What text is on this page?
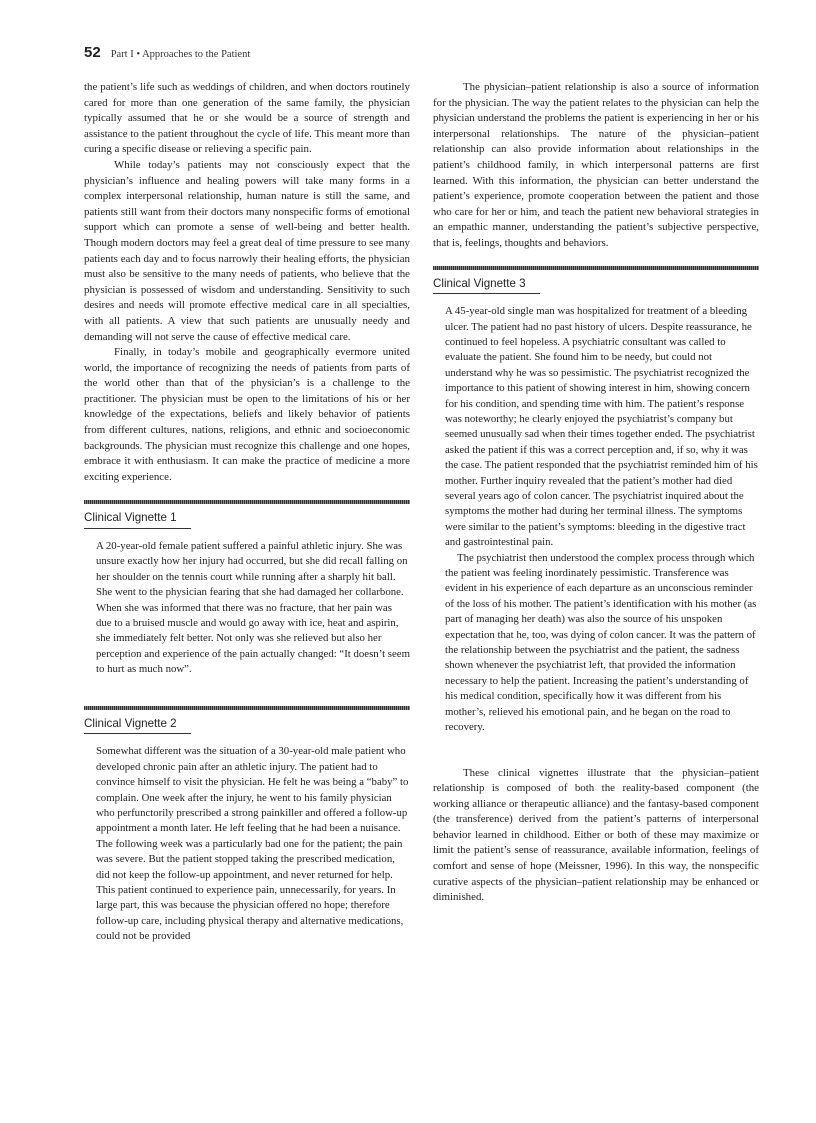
52 Part I • Approaches to the Patient

the patient’s life such as weddings of children, and when doctors routinely cared for more than one generation of the same family, the physician typically assumed that he or she would be a source of strength and assistance to the patient throughout the cycle of life. This meant more than curing a specific disease or relieving a specific pain.

While today’s patients may not consciously expect that the physician’s influence and healing powers will take many forms in a complex interpersonal relationship, human nature is still the same, and patients still want from their doctors many nonspecific forms of emotional support which can promote a sense of well-being and better health. Though modern doctors may feel a great deal of time pressure to see many patients each day and to focus narrowly their healing efforts, the physician must also be sensitive to the many needs of patients, who believe that the physician is possessed of wisdom and understanding. Sensitivity to such desires and needs will promote effective medical care in all specialties, with all patients. A view that such patients are unusually needy and demanding will not serve the cause of effective medical care.

Finally, in today’s mobile and geographically evermore united world, the importance of recognizing the needs of patients from parts of the world other than that of the physician’s is a challenge to the practitioner. The physician must be open to the limitations of his or her knowledge of the expectations, beliefs and likely behavior of patients from different cultures, nations, religions, and ethnic and socioeconomic backgrounds. The physician must recognize this challenge and one hopes, embrace it with enthusiasm. It can make the practice of medicine a more exciting experience.

Clinical Vignette 1

A 20-year-old female patient suffered a painful athletic injury. She was unsure exactly how her injury had occurred, but she did recall falling on her shoulder on the tennis court while running after a sharply hit ball. She went to the physician fearing that she had damaged her collarbone. When she was informed that there was no fracture, that her pain was due to a bruised muscle and would go away with ice, heat and aspirin, she immediately felt better. Not only was she relieved but also her perception and experience of the pain actually changed: “It doesn’t seem to hurt as much now”.

Clinical Vignette 2

Somewhat different was the situation of a 30-year-old male patient who developed chronic pain after an athletic injury. The patient had to convince himself to visit the physician. He felt he was being a “baby” to complain. One week after the injury, he went to his family physician who perfunctorily prescribed a strong painkiller and offered a follow-up appointment a month later. He left feeling that he had been a nuisance. The following week was a particularly bad one for the patient; the pain was severe. But the patient stopped taking the prescribed medication, did not keep the follow-up appointment, and never returned for help. This patient continued to experience pain, unnecessarily, for years. In large part, this was because the physician offered no hope; therefore follow-up care, including physical therapy and alternative medications, could not be provided

The physician–patient relationship is also a source of information for the physician. The way the patient relates to the physician can help the physician understand the problems the patient is experiencing in her or his interpersonal relationships. The nature of the physician–patient relationship can also provide information about relationships in the patient’s childhood family, in which interpersonal patterns are first learned. With this information, the physician can better understand the patient’s experience, promote cooperation between the patient and those who care for her or him, and teach the patient new behavioral strategies in an empathic manner, understanding the patient’s subjective perspective, that is, feelings, thoughts and behaviors.

Clinical Vignette 3

A 45-year-old single man was hospitalized for treatment of a bleeding ulcer. The patient had no past history of ulcers. Despite reassurance, he continued to feel hopeless. A psychiatric consultant was called to evaluate the patient. She found him to be needy, but could not understand why he was so pessimistic. The psychiatrist recognized the importance to this patient of showing interest in him, showing concern for his condition, and spending time with him. The patient’s response was noteworthy; he clearly enjoyed the psychiatrist’s company but seemed unusually sad when their times together ended. The psychiatrist asked the patient if this was a correct perception and, if so, why it was the case. The patient responded that the psychiatrist reminded him of his mother. Further inquiry revealed that the patient’s mother had died several years ago of colon cancer. The psychiatrist inquired about the symptoms the mother had during her terminal illness. The symptoms were similar to the patient’s symptoms: bleeding in the digestive tract and gastrointestinal pain.

The psychiatrist then understood the complex process through which the patient was feeling inordinately pessimistic. Transference was evident in his experience of each departure as an unconscious reminder of the loss of his mother. The patient’s identification with his mother (as part of managing her death) was also the source of his unspoken expectation that he, too, was dying of colon cancer. It was the pattern of the relationship between the psychiatrist and the patient, the sadness shown whenever the psychiatrist left, that provided the information necessary to help the patient. Increasing the patient’s understanding of his medical condition, specifically how it was different from his mother’s, relieved his emotional pain, and he began on the road to recovery.

These clinical vignettes illustrate that the physician–patient relationship is composed of both the reality-based component (the working alliance or therapeutic alliance) and the fantasy-based component (the transference) derived from the patient’s patterns of interpersonal behavior learned in childhood. Either or both of these may maximize or limit the patient’s sense of reassurance, available information, feelings of comfort and sense of hope (Meissner, 1996). In this way, the nonspecific curative aspects of the physician–patient relationship may be enhanced or diminished.
